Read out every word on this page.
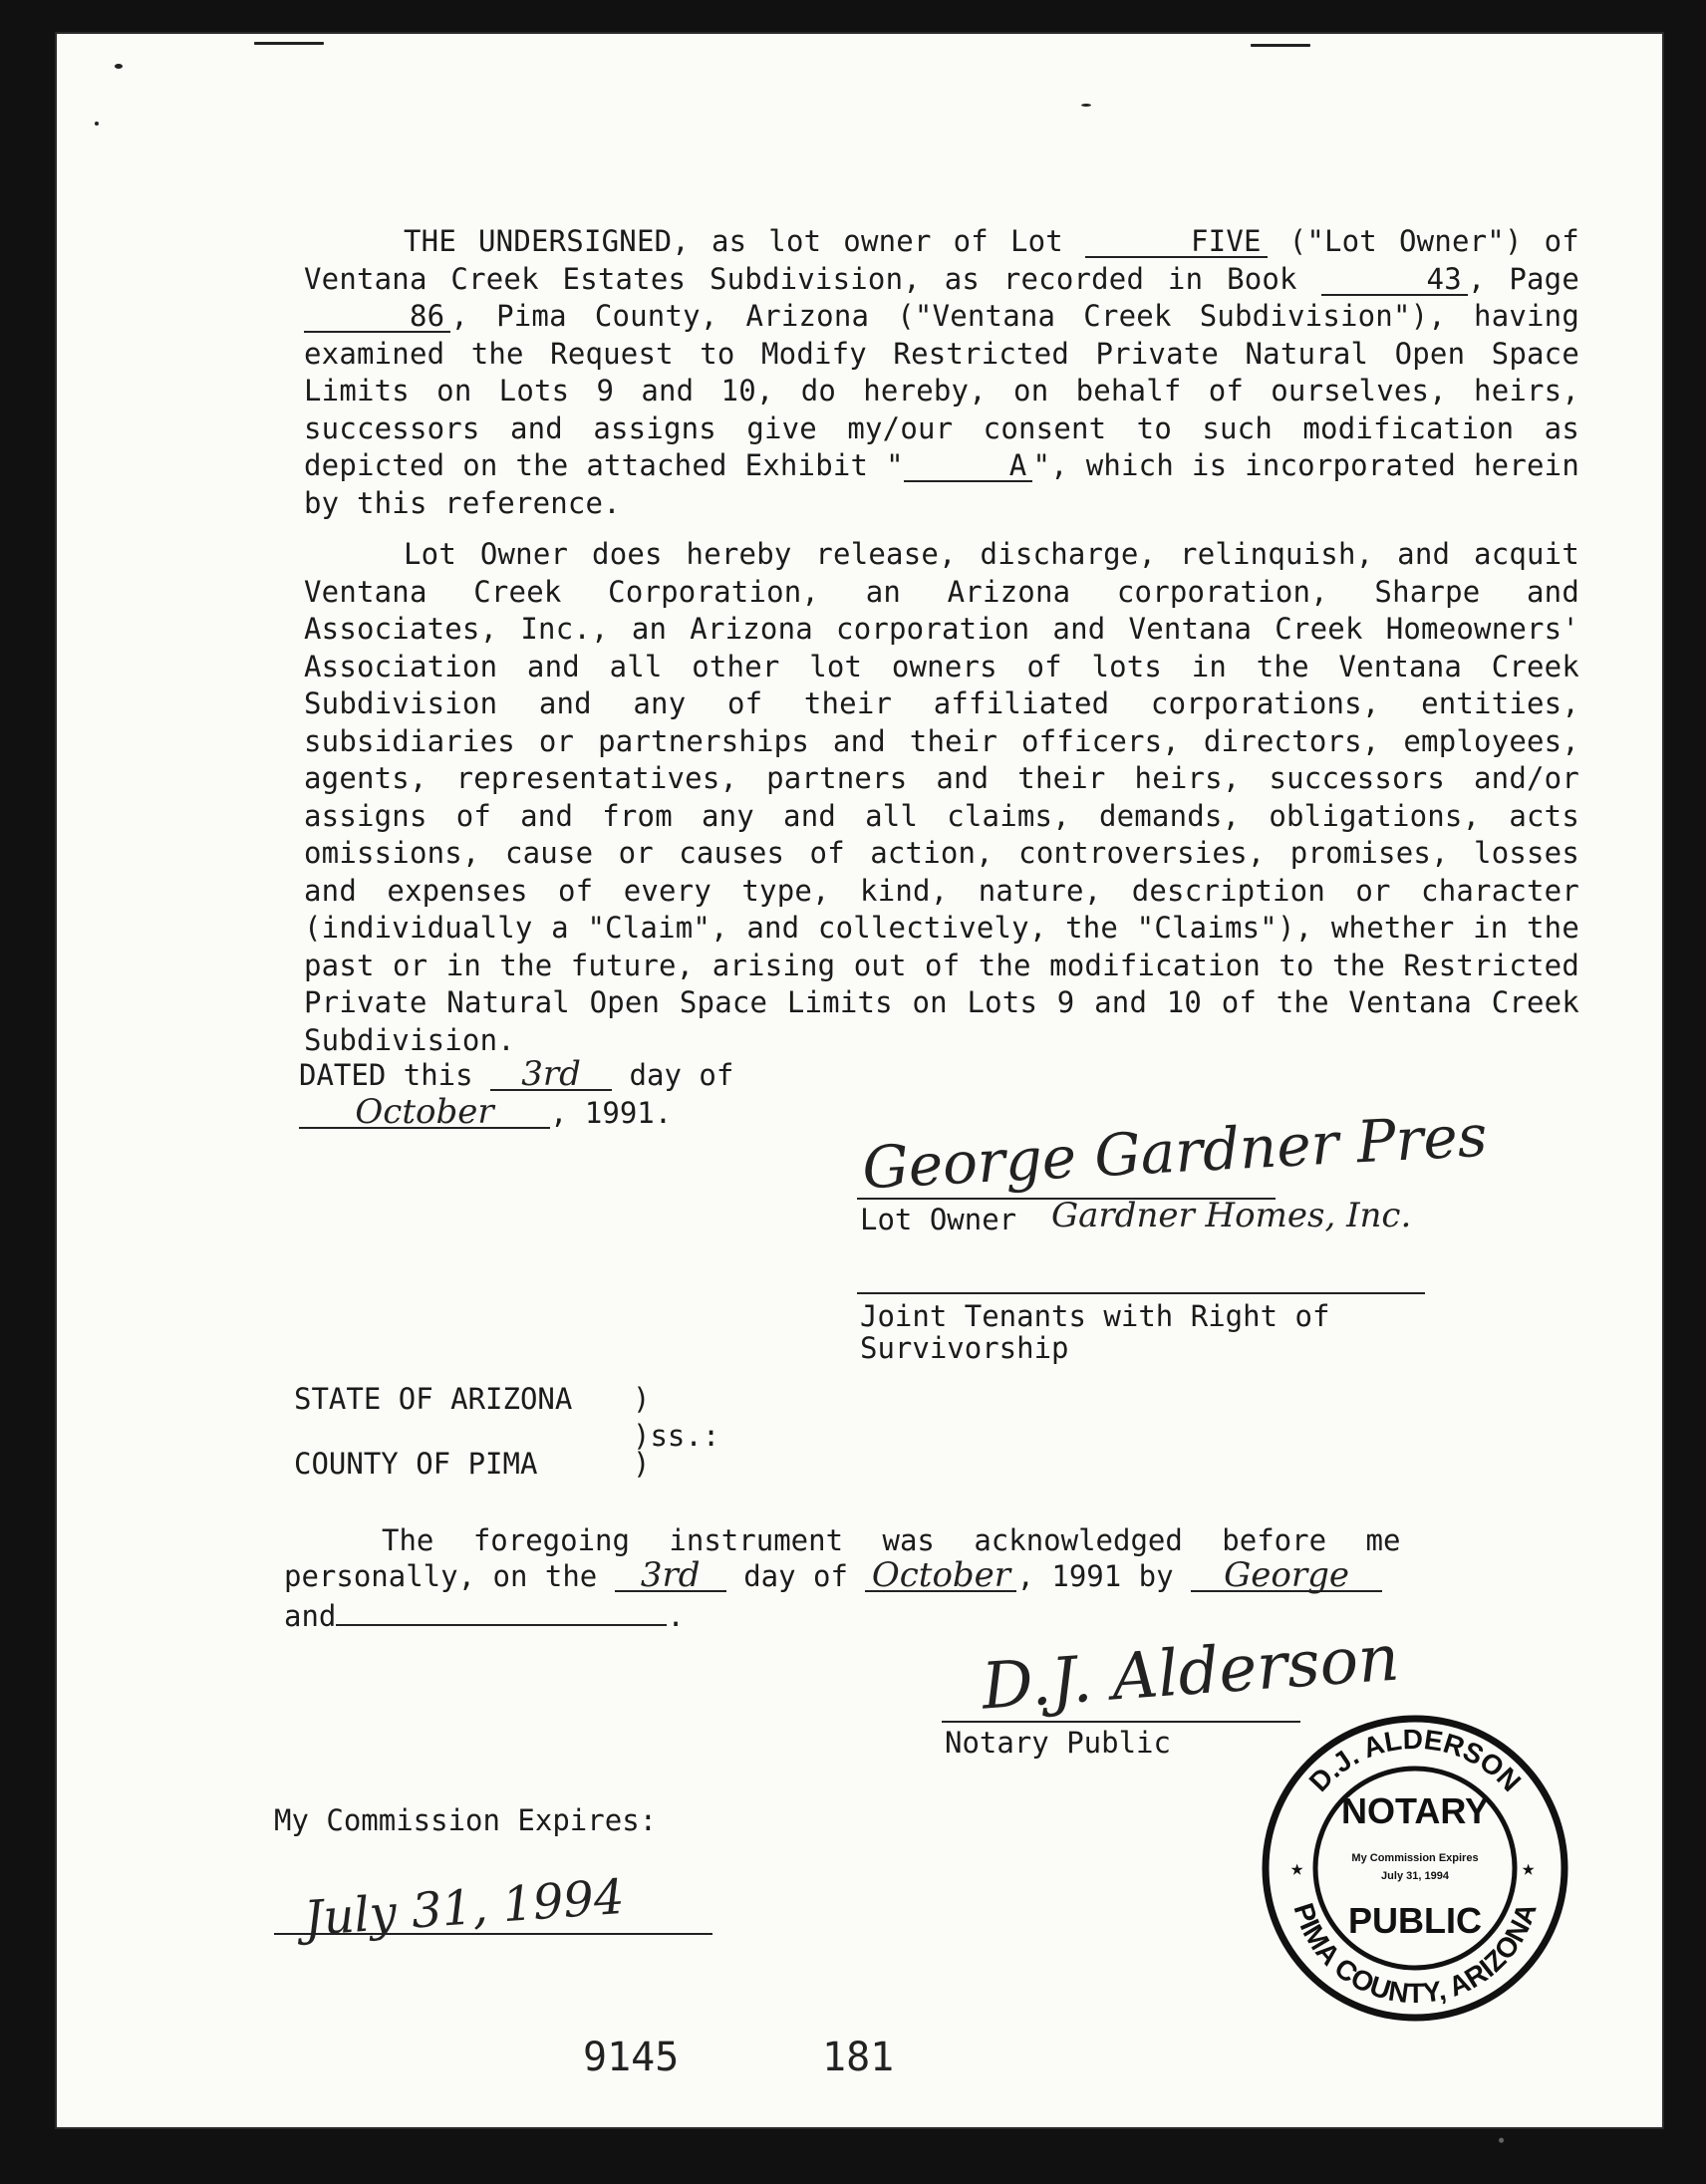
THE UNDERSIGNED, as lot owner of Lot	FIVE ("Lot Owner") of Ventana Creek Estates Subdivision, as recorded in Book	43 , Page 86 , Pima County, Arizona ("Ventana Creek Subdivision"), having examined the Request to Modify Restricted Private Natural Open Space Limits on Lots 9 and 10, do hereby, on behalf of ourselves, heirs, successors and assigns give my/our consent to such modification as depicted on the attached Exhibit "	A ", which is incorporated herein by this reference.
Lot Owner does hereby release, discharge, relinquish, and acquit Ventana Creek Corporation, an Arizona corporation, Sharpe and Associates, Inc., an Arizona corporation and Ventana Creek Homeowners' Association and all other lot owners of lots in the Ventana Creek Subdivision and any of their affiliated corporations, entities, subsidiaries or partnerships and their officers, directors, employees, agents, representatives, partners and their heirs, successors and/or assigns of and from any and all claims, demands, obligations, acts omissions, cause or causes of action, controversies, promises, losses and expenses of every type, kind, nature, description or character (individually a "Claim", and collectively, the "Claims"), whether in the past or in the future, arising out of the modification to the Restricted Private Natural Open Space Limits on Lots 9 and 10 of the Ventana Creek Subdivision.
DATED this 3rd day of
October , 1991.	George Gardner Pres
Lot Owner Gardner Homes, Inc.
Joint Tenants with Right of
Survivorship
STATE OF ARIZONA )
)ss.:
COUNTY OF PIMA	)
The foregoing instrument was acknowledged before me
personally, on the 3rd day of October , 1991 by George
and	.
D.J. Alderson
Notary Public
My Commission Expires:
July 31, 1994
D.J. ALDERSON
PIMA COUNTY, ARIZONA
NOTARY
My Commission Expires
July 31, 1994
PUBLIC
★	★
9145	181
